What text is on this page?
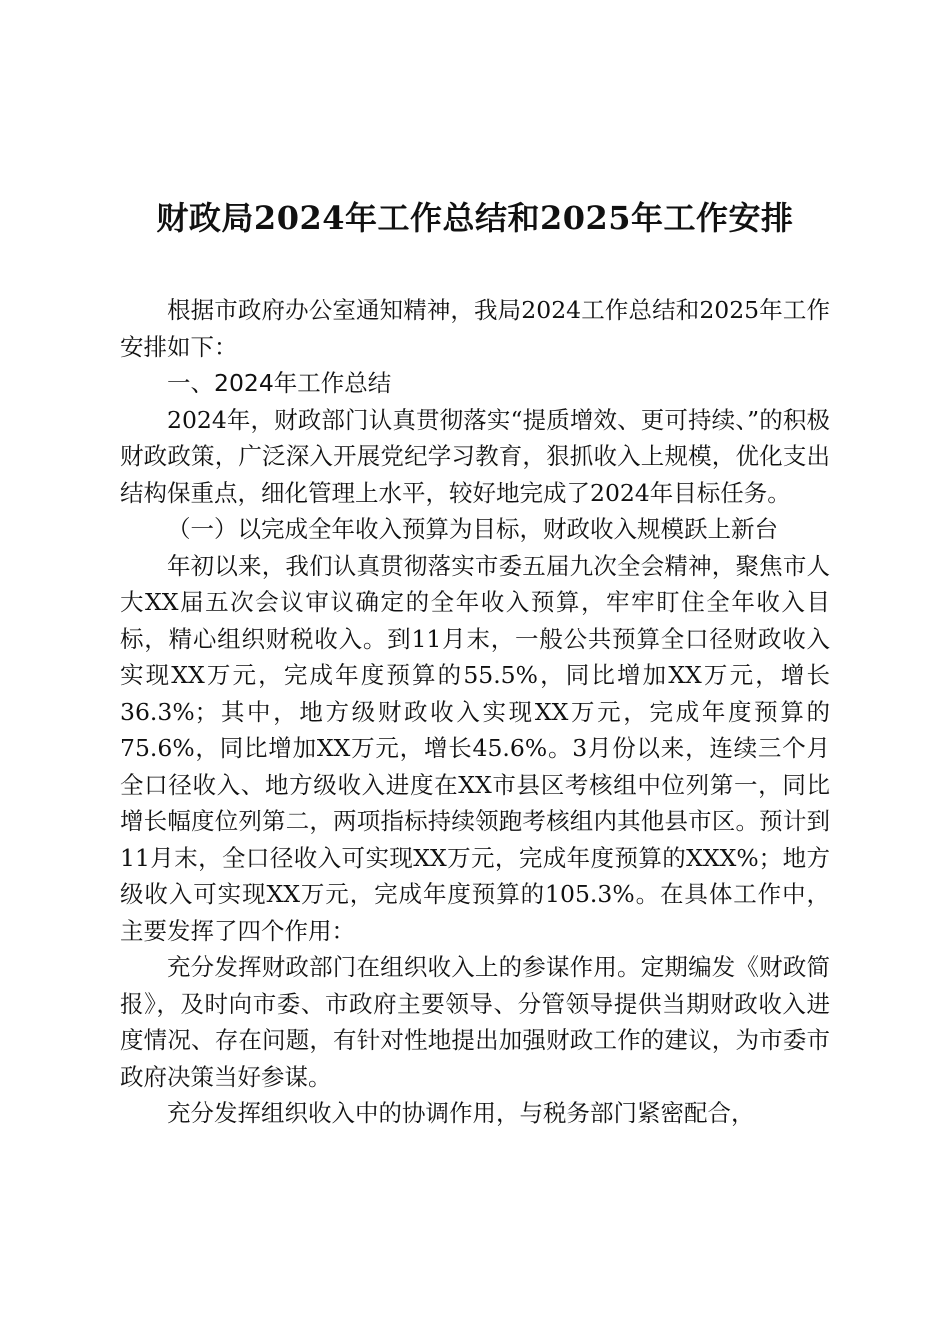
财政局2024年工作总结和2025年工作安排

根据市政府办公室通知精神，我局2024工作总结和2025年工作安排如下：

一、2024年工作总结

2024年，财政部门认真贯彻落实“提质增效、更可持续、”的积极财政政策，广泛深入开展党纪学习教育，狠抓收入上规模，优化支出结构保重点，细化管理上水平，较好地完成了2024年目标任务。

（一）以完成全年收入预算为目标，财政收入规模跃上新台

年初以来，我们认真贯彻落实市委五届九次全会精神，聚焦市人大XX届五次会议审议确定的全年收入预算，牢牢盯住全年收入目标，精心组织财税收入。到11月末，一般公共预算全口径财政收入实现XX万元，完成年度预算的55.5%，同比增加XX万元，增长36.3%；其中，地方级财政收入实现XX万元，完成年度预算的75.6%，同比增加XX万元，增长45.6%。3月份以来，连续三个月全口径收入、地方级收入进度在XX市县区考核组中位列第一，同比增长幅度位列第二，两项指标持续领跑考核组内其他县市区。预计到11月末，全口径收入可实现XX万元，完成年度预算的XXX%；地方级收入可实现XX万元，完成年度预算的105.3%。在具体工作中，主要发挥了四个作用：

充分发挥财政部门在组织收入上的参谋作用。定期编发《财政简报》，及时向市委、市政府主要领导、分管领导提供当期财政收入进度情况、存在问题，有针对性地提出加强财政工作的建议，为市委市政府决策当好参谋。

充分发挥组织收入中的协调作用，与税务部门紧密配合，
